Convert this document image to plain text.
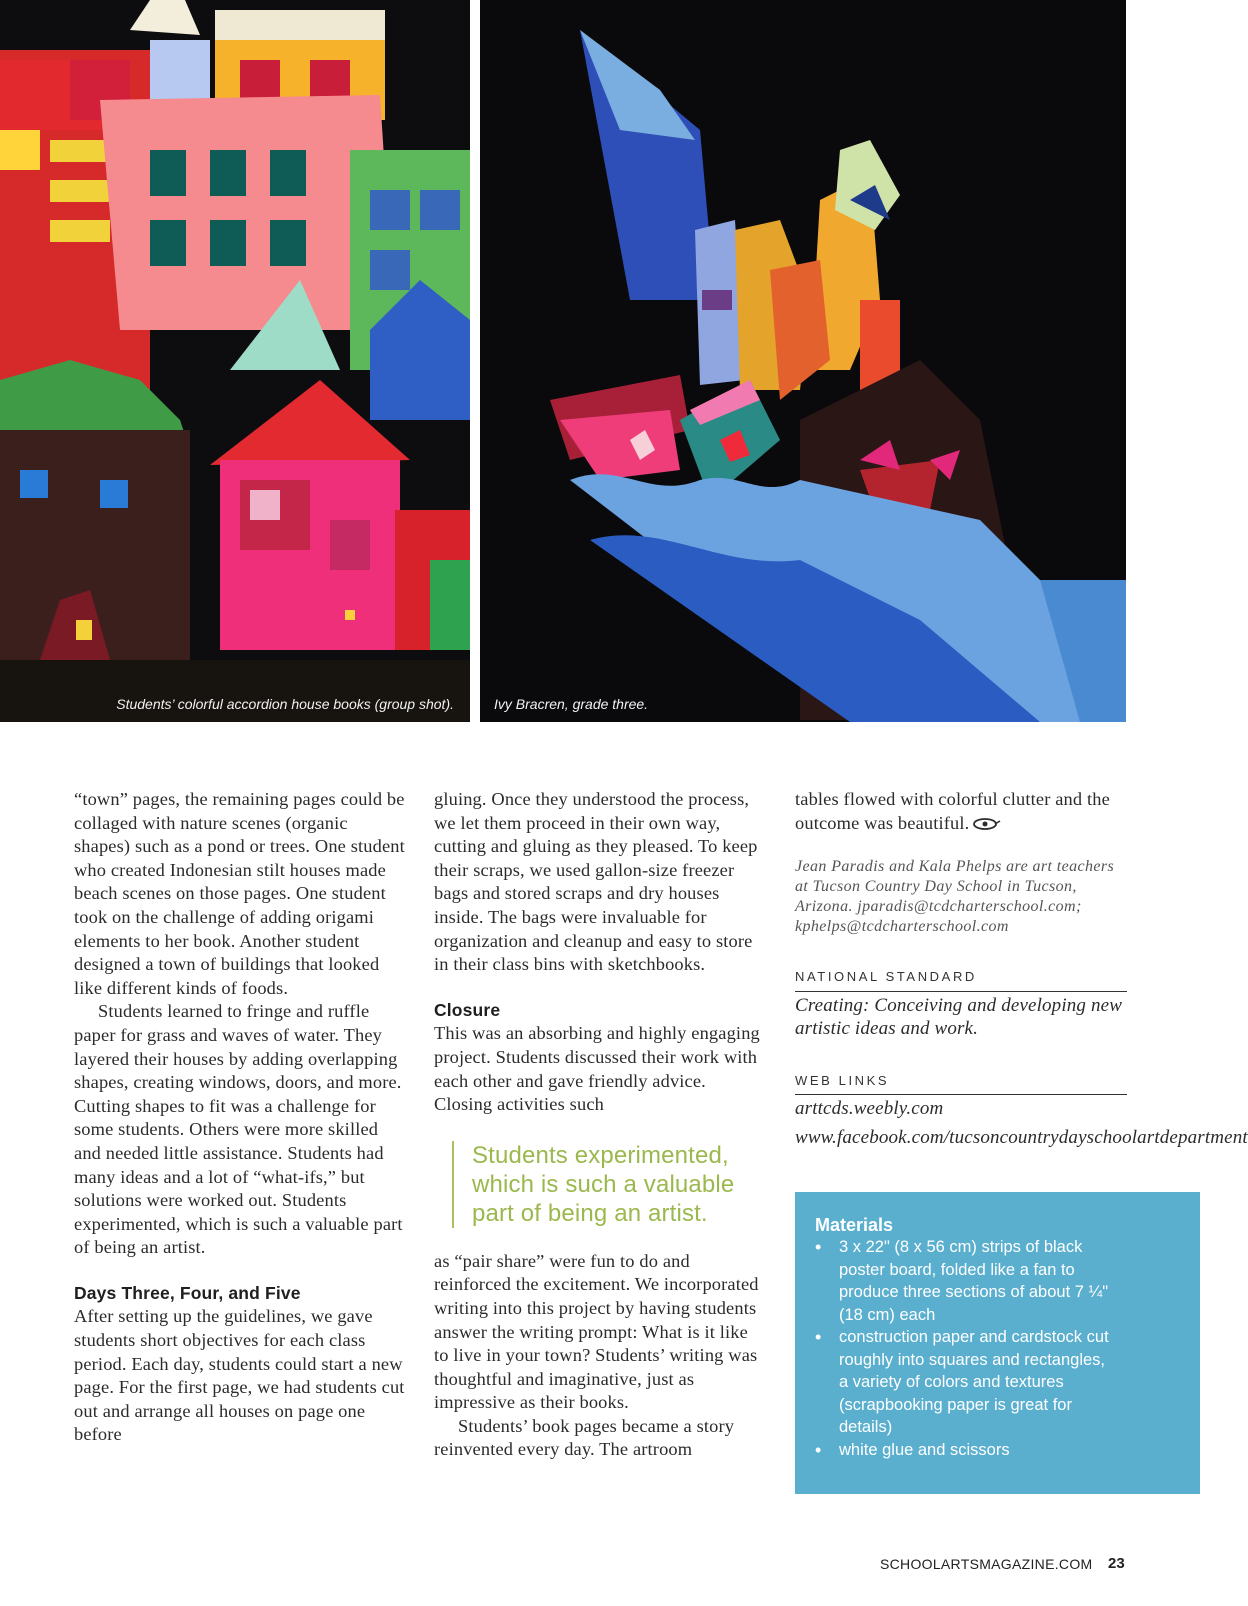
Students’ colorful accordion house books (group shot).	Ivy Bracren, grade three.

“town” pages, the remaining pages could be collaged with nature scenes (organic shapes) such as a pond or trees. One student who created Indonesian stilt houses made beach scenes on those pages. One student took on the challenge of adding origami elements to her book. Another student designed a town of buildings that looked like different kinds of foods.

Students learned to fringe and ruffle paper for grass and waves of water. They layered their houses by adding overlapping shapes, creating windows, doors, and more. Cutting shapes to fit was a challenge for some students. Others were more skilled and needed little assistance. Students had many ideas and a lot of “what-ifs,” but solutions were worked out. Students experimented, which is such a valuable part of being an artist.

Days Three, Four, and Five

After setting up the guidelines, we gave students short objectives for each class period. Each day, students could start a new page. For the first page, we had students cut out and arrange all houses on page one before

gluing. Once they understood the process, we let them proceed in their own way, cutting and gluing as they pleased. To keep their scraps, we used gallon-size freezer bags and stored scraps and dry houses inside. The bags were invaluable for organization and cleanup and easy to store in their class bins with sketchbooks.

Closure

This was an absorbing and highly engaging project. Students discussed their work with each other and gave friendly advice. Closing activities such

Students experimented, which is such a valuable part of being an artist.

as “pair share” were fun to do and reinforced the excitement. We incorporated writing into this project by having students answer the writing prompt: What is it like to live in your town? Students’ writing was thoughtful and imaginative, just as impressive as their books.

Students’ book pages became a story reinvented every day. The artroom

tables flowed with colorful clutter and the outcome was beautiful.

Jean Paradis and Kala Phelps are art teachers at Tucson Country Day School in Tucson, Arizona. jparadis@tcdcharterschool.com; kphelps@tcdcharterschool.com
NATIONAL STANDARD
Creating: Conceiving and developing new artistic ideas and work.
WEB LINKS
arttcds.weebly.com
www.facebook.com/tucsoncountrydayschoolartdepartment
Materials
• 3 x 22" (8 x 56 cm) strips of black poster board, folded like a fan to produce three sections of about 7 ¼" (18 cm) each
• construction paper and cardstock cut roughly into squares and rectangles, a variety of colors and textures (scrapbooking paper is great for details)
• white glue and scissors
SCHOOLARTSMAGAZINE.COM 23
